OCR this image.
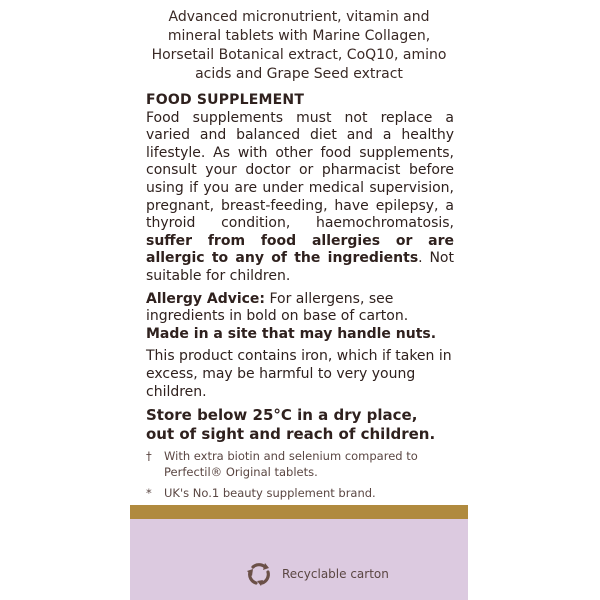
Advanced micronutrient, vitamin and
mineral tablets with Marine Collagen,
Horsetail Botanical extract, CoQ10, amino
acids and Grape Seed extract

FOOD SUPPLEMENT

Food supplements must not replace a varied and balanced diet and a healthy lifestyle. As with other food supplements, consult your doctor or pharmacist before using if you are under medical supervision, pregnant, breast-feeding, have epilepsy, a thyroid condition, haemochromatosis, suffer from food allergies or are allergic to any of the ingredients. Not suitable for children.

Allergy Advice: For allergens, see ingredients in bold on base of carton.

Made in a site that may handle nuts.

This product contains iron, which if taken in excess, may be harmful to very young children.

Store below 25°C in a dry place,

out of sight and reach of children.

†	With extra biotin and selenium compared to Perfectil® Original tablets.
*	UK's No.1 beauty supplement brand.
Recyclable carton
